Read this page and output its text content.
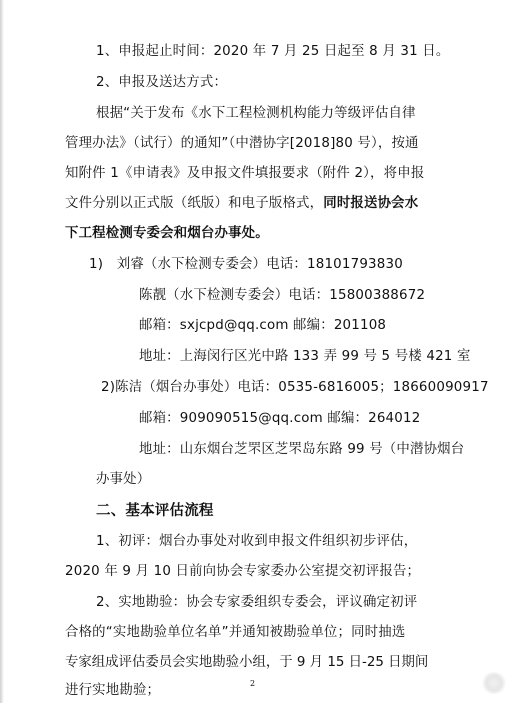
1、申报起止时间：2020 年 7 月 25 日起至 8 月 31 日。
2、申报及送达方式：
根据“关于发布《水下工程检测机构能力等级评估自律
管理办法》（试行）的通知”（中潜协字[2018]80 号），按通
知附件 1《申请表》及申报文件填报要求（附件 2），将申报
文件分别以正式版（纸版）和电子版格式，同时报送协会水
下工程检测专委会和烟台办事处。
1)　刘睿（水下检测专委会）电话：18101793830
陈靓（水下检测专委会）电话：15800388672
邮箱：sxjcpd@qq.com 邮编：201108
地址：上海闵行区光中路 133 弄 99 号 5 号楼 421 室
2)陈洁（烟台办事处）电话：0535-6816005；18660090917
邮箱：909090515@qq.com 邮编：264012
地址：山东烟台芝罘区芝罘岛东路 99 号（中潜协烟台
办事处）
二、基本评估流程
1、初评：烟台办事处对收到申报文件组织初步评估，
2020 年 9 月 10 日前向协会专家委办公室提交初评报告；
2、实地勘验：协会专家委组织专委会，评议确定初评
合格的“实地勘验单位名单”并通知被勘验单位；同时抽选
专家组成评估委员会实地勘验小组，于 9 月 15 日-25 日期间
进行实地勘验；	2
